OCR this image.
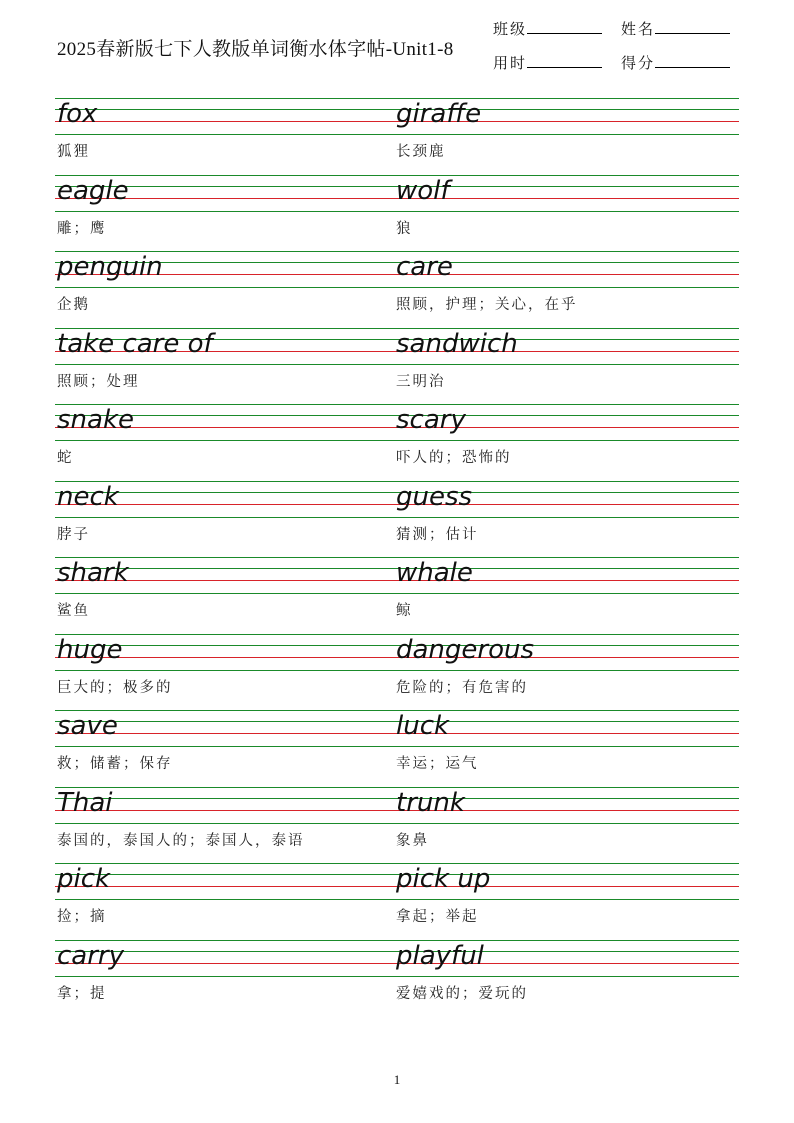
2025春新版七下人教版单词衡水体字帖-Unit1-8
班级	姓名
用时	得分
fox
狐狸
giraffe
长颈鹿
eagle
雕；鹰
wolf
狼
penguin
企鹅
care
照顾，护理；关心，在乎
take care of
照顾；处理
sandwich
三明治
snake
蛇
scary
吓人的；恐怖的
neck
脖子
guess
猜测；估计
shark
鲨鱼
whale
鲸
huge
巨大的；极多的
dangerous
危险的；有危害的
save
救；储蓄；保存
luck
幸运；运气
Thai
泰国的，泰国人的；泰国人，泰语
trunk
象鼻
pick
捡；摘
pick up
拿起；举起
carry
拿；提
playful
爱嬉戏的；爱玩的
1
